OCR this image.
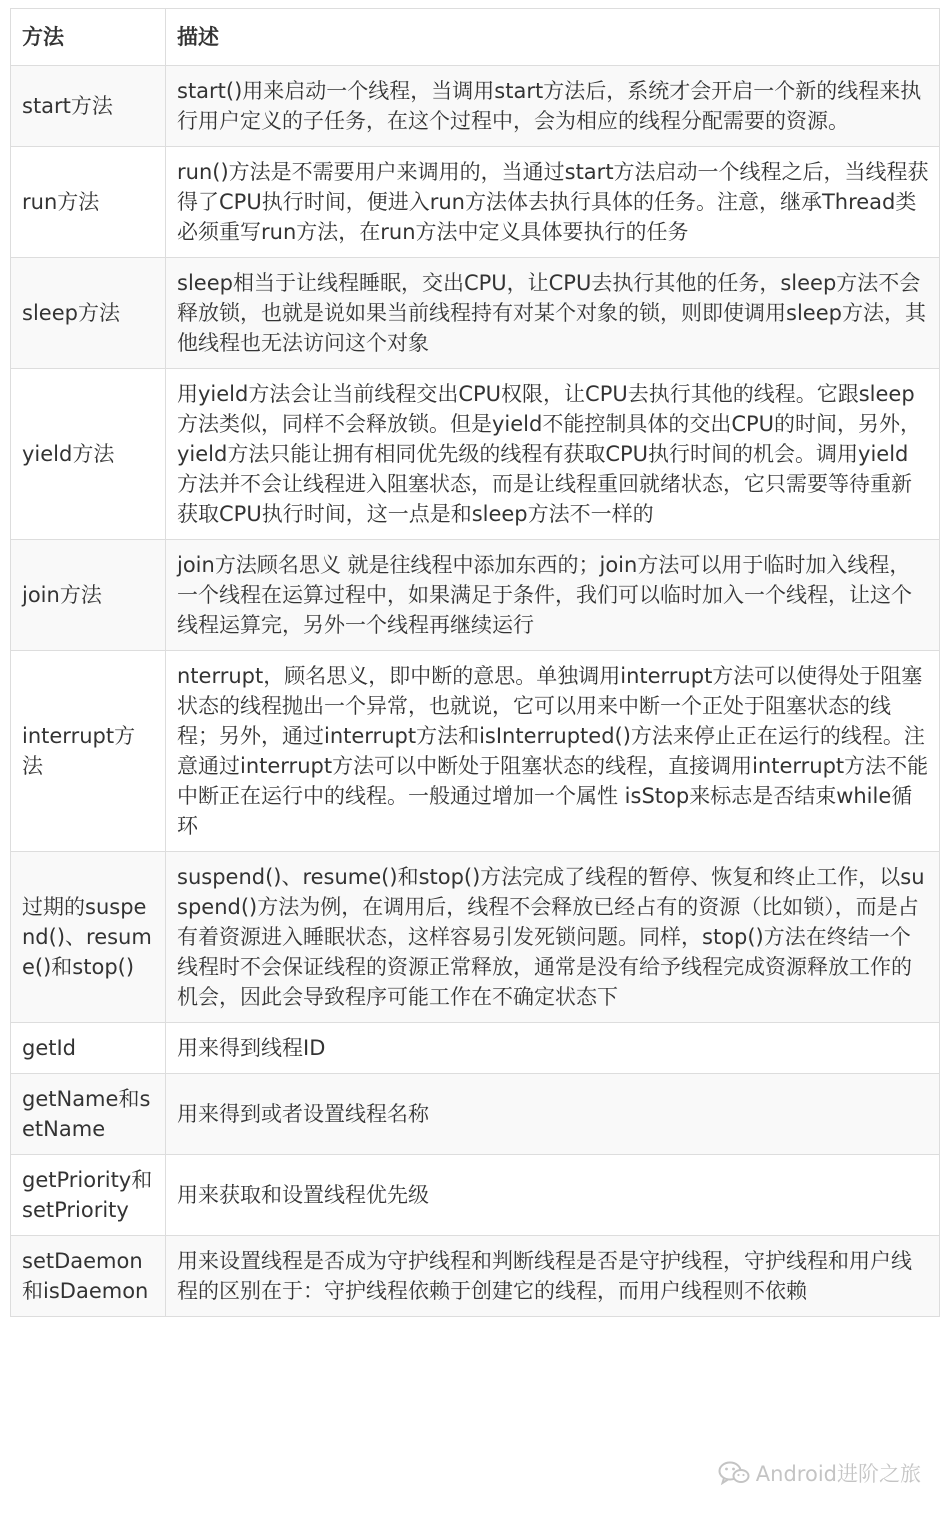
方法	描述
start方法	start()用来启动一个线程，当调用start方法后，系统才会开启一个新的线程来执行用户定义的子任务，在这个过程中，会为相应的线程分配需要的资源。
run方法	run()方法是不需要用户来调用的，当通过start方法启动一个线程之后，当线程获得了CPU执行时间，便进入run方法体去执行具体的任务。注意，继承Thread类必须重写run方法，在run方法中定义具体要执行的任务
sleep方法	sleep相当于让线程睡眠，交出CPU，让CPU去执行其他的任务，sleep方法不会释放锁，也就是说如果当前线程持有对某个对象的锁，则即使调用sleep方法，其他线程也无法访问这个对象
yield方法	用yield方法会让当前线程交出CPU权限，让CPU去执行其他的线程。它跟sleep方法类似，同样不会释放锁。但是yield不能控制具体的交出CPU的时间，另外，yield方法只能让拥有相同优先级的线程有获取CPU执行时间的机会。调用yield方法并不会让线程进入阻塞状态，而是让线程重回就绪状态，它只需要等待重新获取CPU执行时间，这一点是和sleep方法不一样的
join方法	join方法顾名思义 就是往线程中添加东西的；join方法可以用于临时加入线程，一个线程在运算过程中，如果满足于条件，我们可以临时加入一个线程，让这个线程运算完，另外一个线程再继续运行
interrupt方法	nterrupt，顾名思义，即中断的意思。单独调用interrupt方法可以使得处于阻塞状态的线程抛出一个异常，也就说，它可以用来中断一个正处于阻塞状态的线程；另外，通过interrupt方法和isInterrupted()方法来停止正在运行的线程。注意通过interrupt方法可以中断处于阻塞状态的线程，直接调用interrupt方法不能中断正在运行中的线程。一般通过增加一个属性 isStop来标志是否结束while循环
过期的suspend()、resume()和stop()	suspend()、resume()和stop()方法完成了线程的暂停、恢复和终止工作，以suspend()方法为例，在调用后，线程不会释放已经占有的资源（比如锁），而是占有着资源进入睡眠状态，这样容易引发死锁问题。同样，stop()方法在终结一个线程时不会保证线程的资源正常释放，通常是没有给予线程完成资源释放工作的机会，因此会导致程序可能工作在不确定状态下
getId	用来得到线程ID
getName和setName	用来得到或者设置线程名称
getPriority和setPriority	用来获取和设置线程优先级
setDaemon和isDaemon	用来设置线程是否成为守护线程和判断线程是否是守护线程，守护线程和用户线程的区别在于：守护线程依赖于创建它的线程，而用户线程则不依赖
Android进阶之旅
